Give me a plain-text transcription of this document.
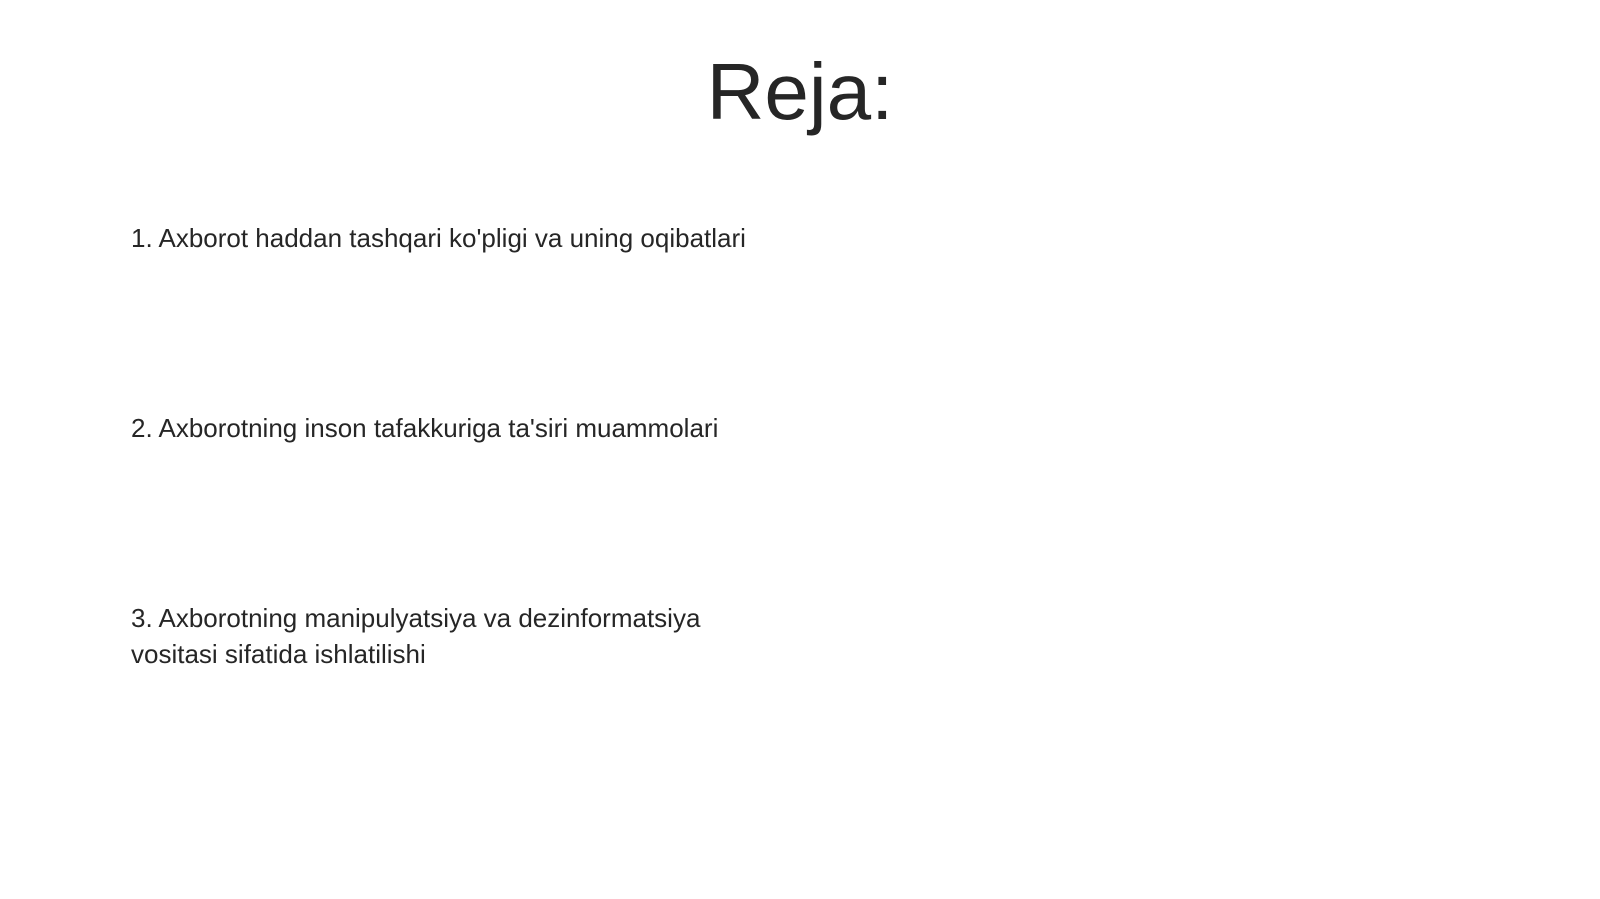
Reja:
1. Axborot haddan tashqari ko'pligi va uning oqibatlari
2. Axborotning inson tafakkuriga ta'siri muammolari
3. Axborotning manipulyatsiya va dezinformatsiya
vositasi sifatida ishlatilishi
